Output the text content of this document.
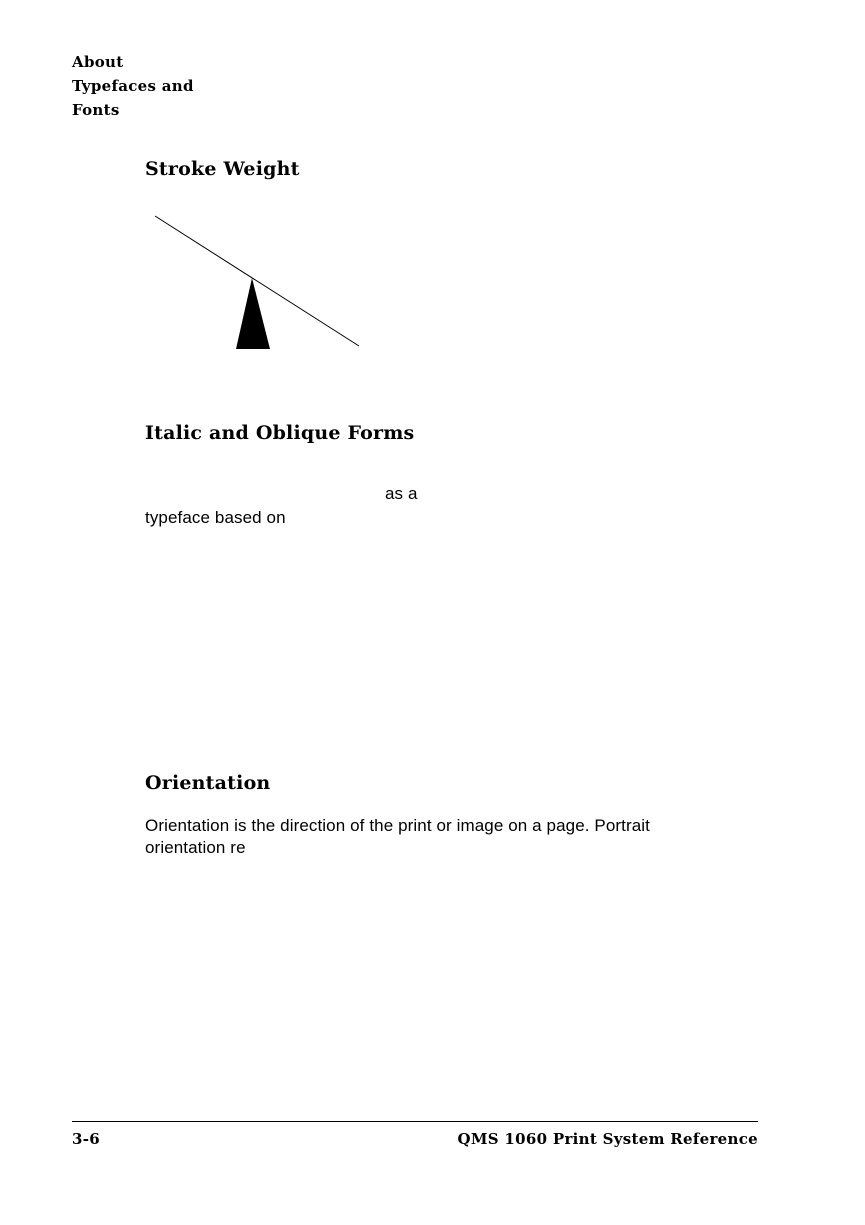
About
Typefaces and
Fonts
Stroke Weight
Italic and Oblique Forms
as a
typeface based on
Orientation
Orientation is the direction of the print or image on a page. Portrait
orientation re
3-6	QMS 1060 Print System Reference
